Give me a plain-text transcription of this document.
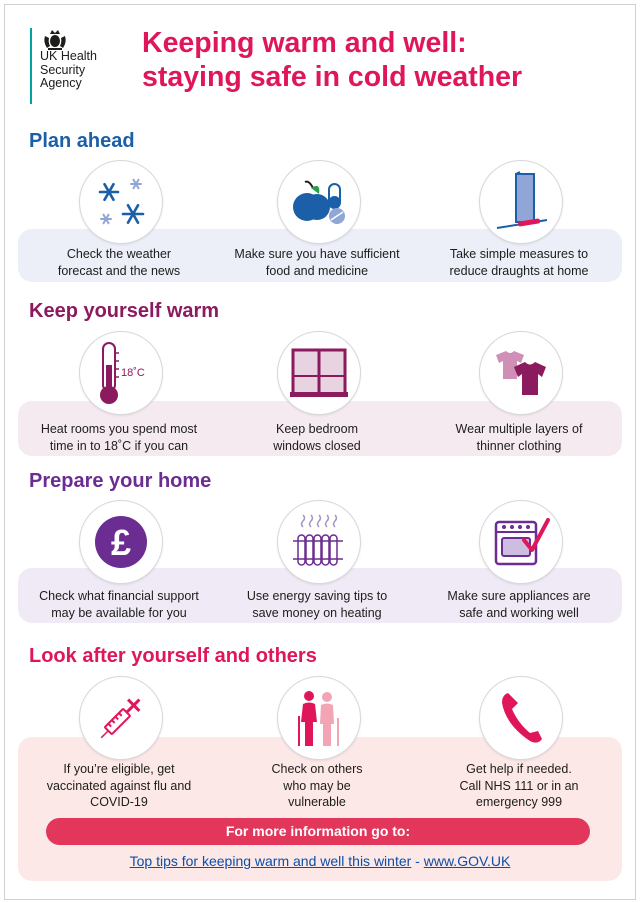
UK Health
Security
Agency
Keeping warm and well:
staying safe in cold weather
Plan ahead
Check the weather
forecast and the news
Make sure you have sufficient
food and medicine
Take simple measures to
reduce draughts at home
Keep yourself warm
18˚C
Heat rooms you spend most
time in to 18˚C if you can
Keep bedroom
windows closed
Wear multiple layers of
thinner clothing
Prepare your home
£
Check what financial support
may be available for you
Use energy saving tips to
save money on heating
Make sure appliances are
safe and working well
Look after yourself and others
If you’re eligible, get
vaccinated against flu and
COVID-19
Check on others
who may be
vulnerable
Get help if needed.
Call NHS 111 or in an
emergency 999
For more information go to:
Top tips for keeping warm and well this winter - www.GOV.UK
